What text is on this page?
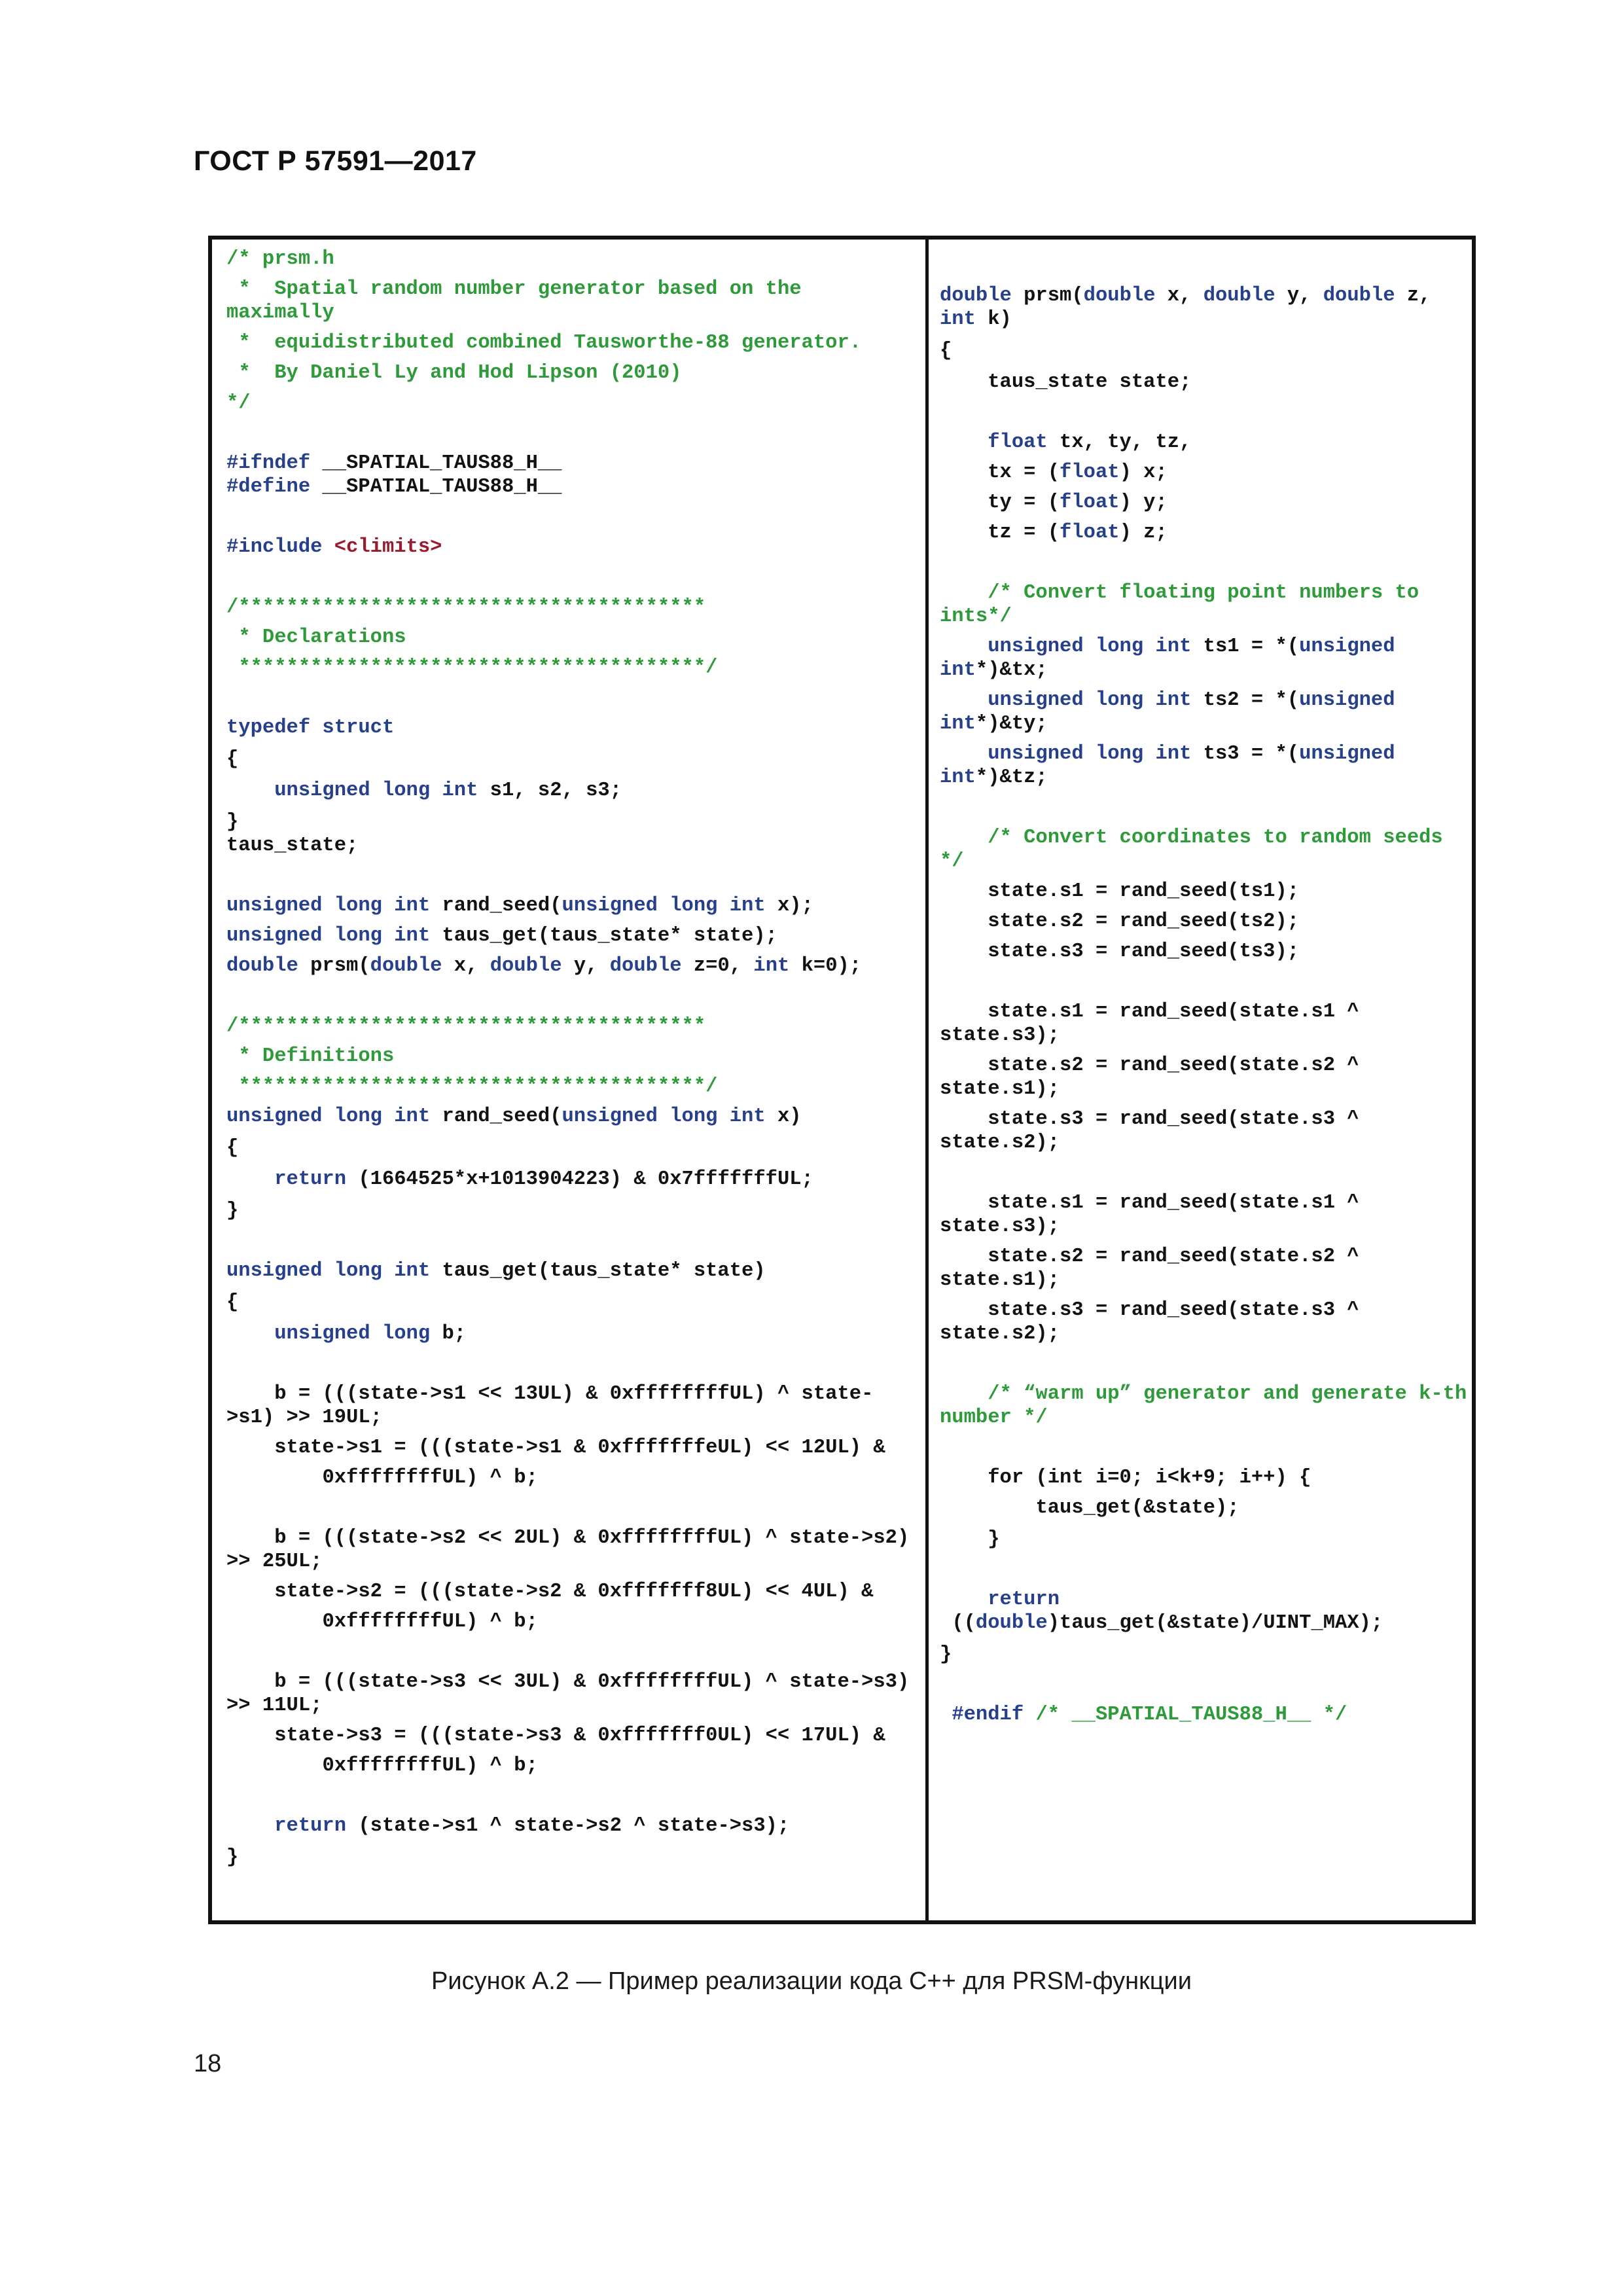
ГОСТ Р 57591—2017
/* prsm.h
*  Spatial random number generator based on the maximally
*  equidistributed combined Tausworthe-88 generator.
*  By Daniel Ly and Hod Lipson (2010)
*/
#ifndef __SPATIAL_TAUS88_H__
#define __SPATIAL_TAUS88_H__
#include <climits>
/***************************************
* Declarations
***************************************/
typedef struct
{
unsigned long int s1, s2, s3;
}
taus_state;
unsigned long int rand_seed(unsigned long int x);
unsigned long int taus_get(taus_state* state);
double prsm(double x, double y, double z=0, int k=0);
/***************************************
* Definitions
***************************************/
unsigned long int rand_seed(unsigned long int x)
{
return (1664525*x+1013904223) & 0x7fffffffUL;
}
unsigned long int taus_get(taus_state* state)
{
unsigned long b;
b = (((state->s1 << 13UL) & 0xffffffffUL) ^ state->s1) >> 19UL;
state->s1 = (((state->s1 & 0xfffffffeUL) << 12UL) &
0xffffffffUL) ^ b;
b = (((state->s2 << 2UL) & 0xffffffffUL) ^ state->s2) >> 25UL;
state->s2 = (((state->s2 & 0xfffffff8UL) << 4UL) &
0xffffffffUL) ^ b;
b = (((state->s3 << 3UL) & 0xffffffffUL) ^ state->s3) >> 11UL;
state->s3 = (((state->s3 & 0xfffffff0UL) << 17UL) &
0xffffffffUL) ^ b;
return (state->s1 ^ state->s2 ^ state->s3);
}
double prsm(double x, double y, double z, int k)
{
taus_state state;
float tx, ty, tz,
tx = (float) x;
ty = (float) y;
tz = (float) z;
/* Convert floating point numbers to ints*/
unsigned long int ts1 = *(unsigned int*)&tx;
unsigned long int ts2 = *(unsigned int*)&ty;
unsigned long int ts3 = *(unsigned int*)&tz;
/* Convert coordinates to random seeds */
state.s1 = rand_seed(ts1);
state.s2 = rand_seed(ts2);
state.s3 = rand_seed(ts3);
state.s1 = rand_seed(state.s1 ^ state.s3);
state.s2 = rand_seed(state.s2 ^ state.s1);
state.s3 = rand_seed(state.s3 ^ state.s2);
state.s1 = rand_seed(state.s1 ^ state.s3);
state.s2 = rand_seed(state.s2 ^ state.s1);
state.s3 = rand_seed(state.s3 ^ state.s2);
/* “warm up” generator and generate k-th number */
for (int i=0; i<k+9; i++) {
taus_get(&state);
}
return
((double)taus_get(&state)/UINT_MAX);
}
#endif /* __SPATIAL_TAUS88_H__ */
Рисунок А.2 — Пример реализации кода С++ для PRSM-функции
18
